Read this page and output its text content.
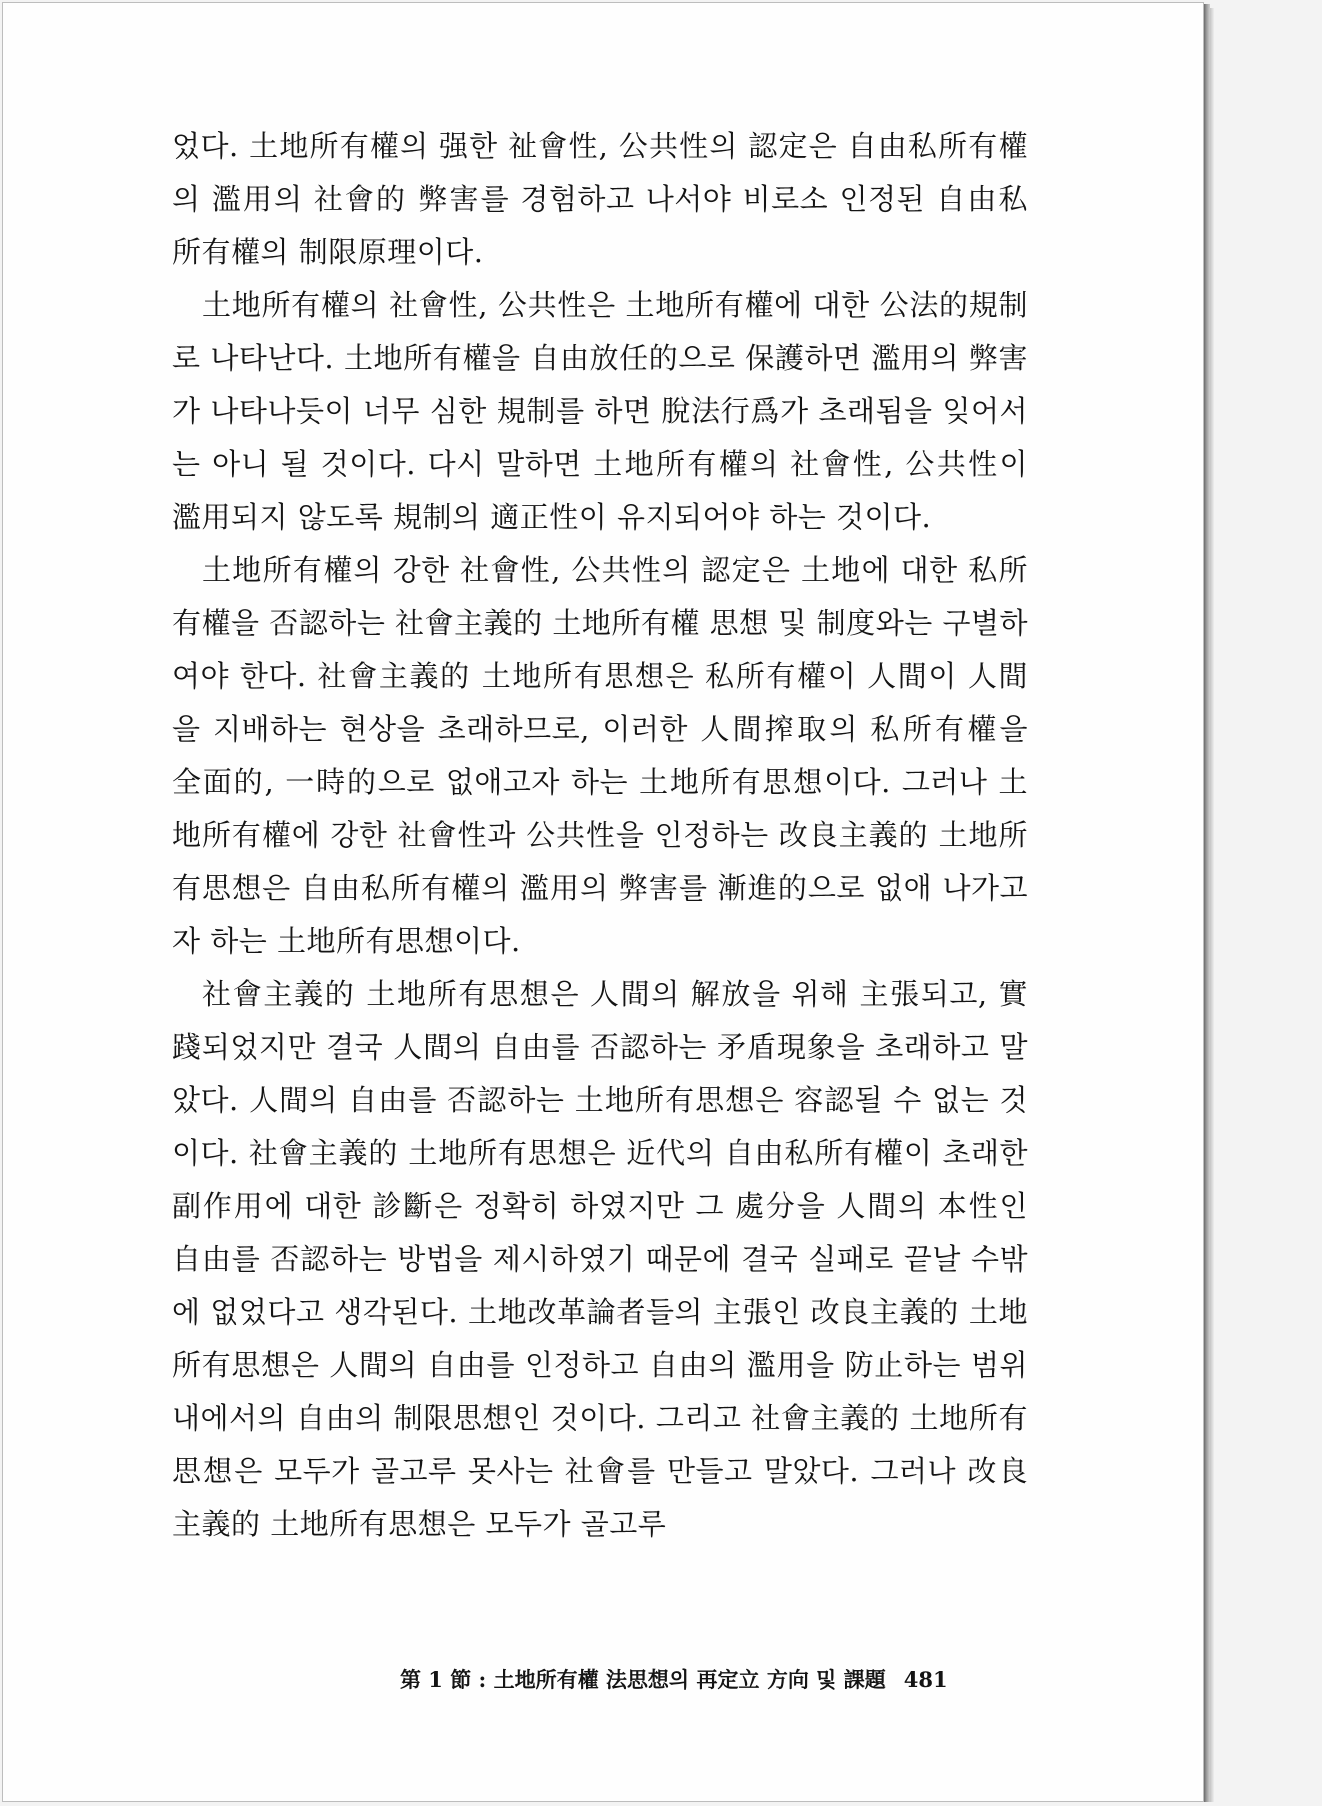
었다. 土地所有權의 强한 祉會性, 公共性의 認定은 自由私所有權의 濫用의 社會的 弊害를 경험하고 나서야 비로소 인정된 自由私所有權의 制限原理이다.

土地所有權의 社會性, 公共性은 土地所有權에 대한 公法的規制로 나타난다. 土地所有權을 自由放任的으로 保護하면 濫用의 弊害가 나타나듯이 너무 심한 規制를 하면 脫法行爲가 초래됨을 잊어서는 아니 될 것이다. 다시 말하면 土地所有權의 社會性, 公共性이 濫用되지 않도록 規制의 適正性이 유지되어야 하는 것이다.

土地所有權의 강한 社會性, 公共性의 認定은 土地에 대한 私所有權을 否認하는 社會主義的 土地所有權 思想 및 制度와는 구별하여야 한다. 社會主義的 土地所有思想은 私所有權이 人間이 人間을 지배하는 현상을 초래하므로, 이러한 人間搾取의 私所有權을 全面的, 一時的으로 없애고자 하는 土地所有思想이다. 그러나 土地所有權에 강한 社會性과 公共性을 인정하는 改良主義的 土地所有思想은 自由私所有權의 濫用의 弊害를 漸進的으로 없애 나가고자 하는 土地所有思想이다.

社會主義的 土地所有思想은 人間의 解放을 위해 主張되고, 實踐되었지만 결국 人間의 自由를 否認하는 矛盾現象을 초래하고 말았다. 人間의 自由를 否認하는 土地所有思想은 容認될 수 없는 것이다. 社會主義的 土地所有思想은 近代의 自由私所有權이 초래한 副作用에 대한 診斷은 정확히 하였지만 그 處分을 人間의 本性인 自由를 否認하는 방법을 제시하였기 때문에 결국 실패로 끝날 수밖에 없었다고 생각된다. 土地改革論者들의 主張인 改良主義的 土地所有思想은 人間의 自由를 인정하고 自由의 濫用을 防止하는 범위 내에서의 自由의 制限思想인 것이다. 그리고 社會主義的 土地所有思想은 모두가 골고루 못사는 社會를 만들고 말았다. 그러나 改良主義的 土地所有思想은 모두가 골고루

第 1 節 : 土地所有權 法思想의 再定立 方向 및 課題 481
